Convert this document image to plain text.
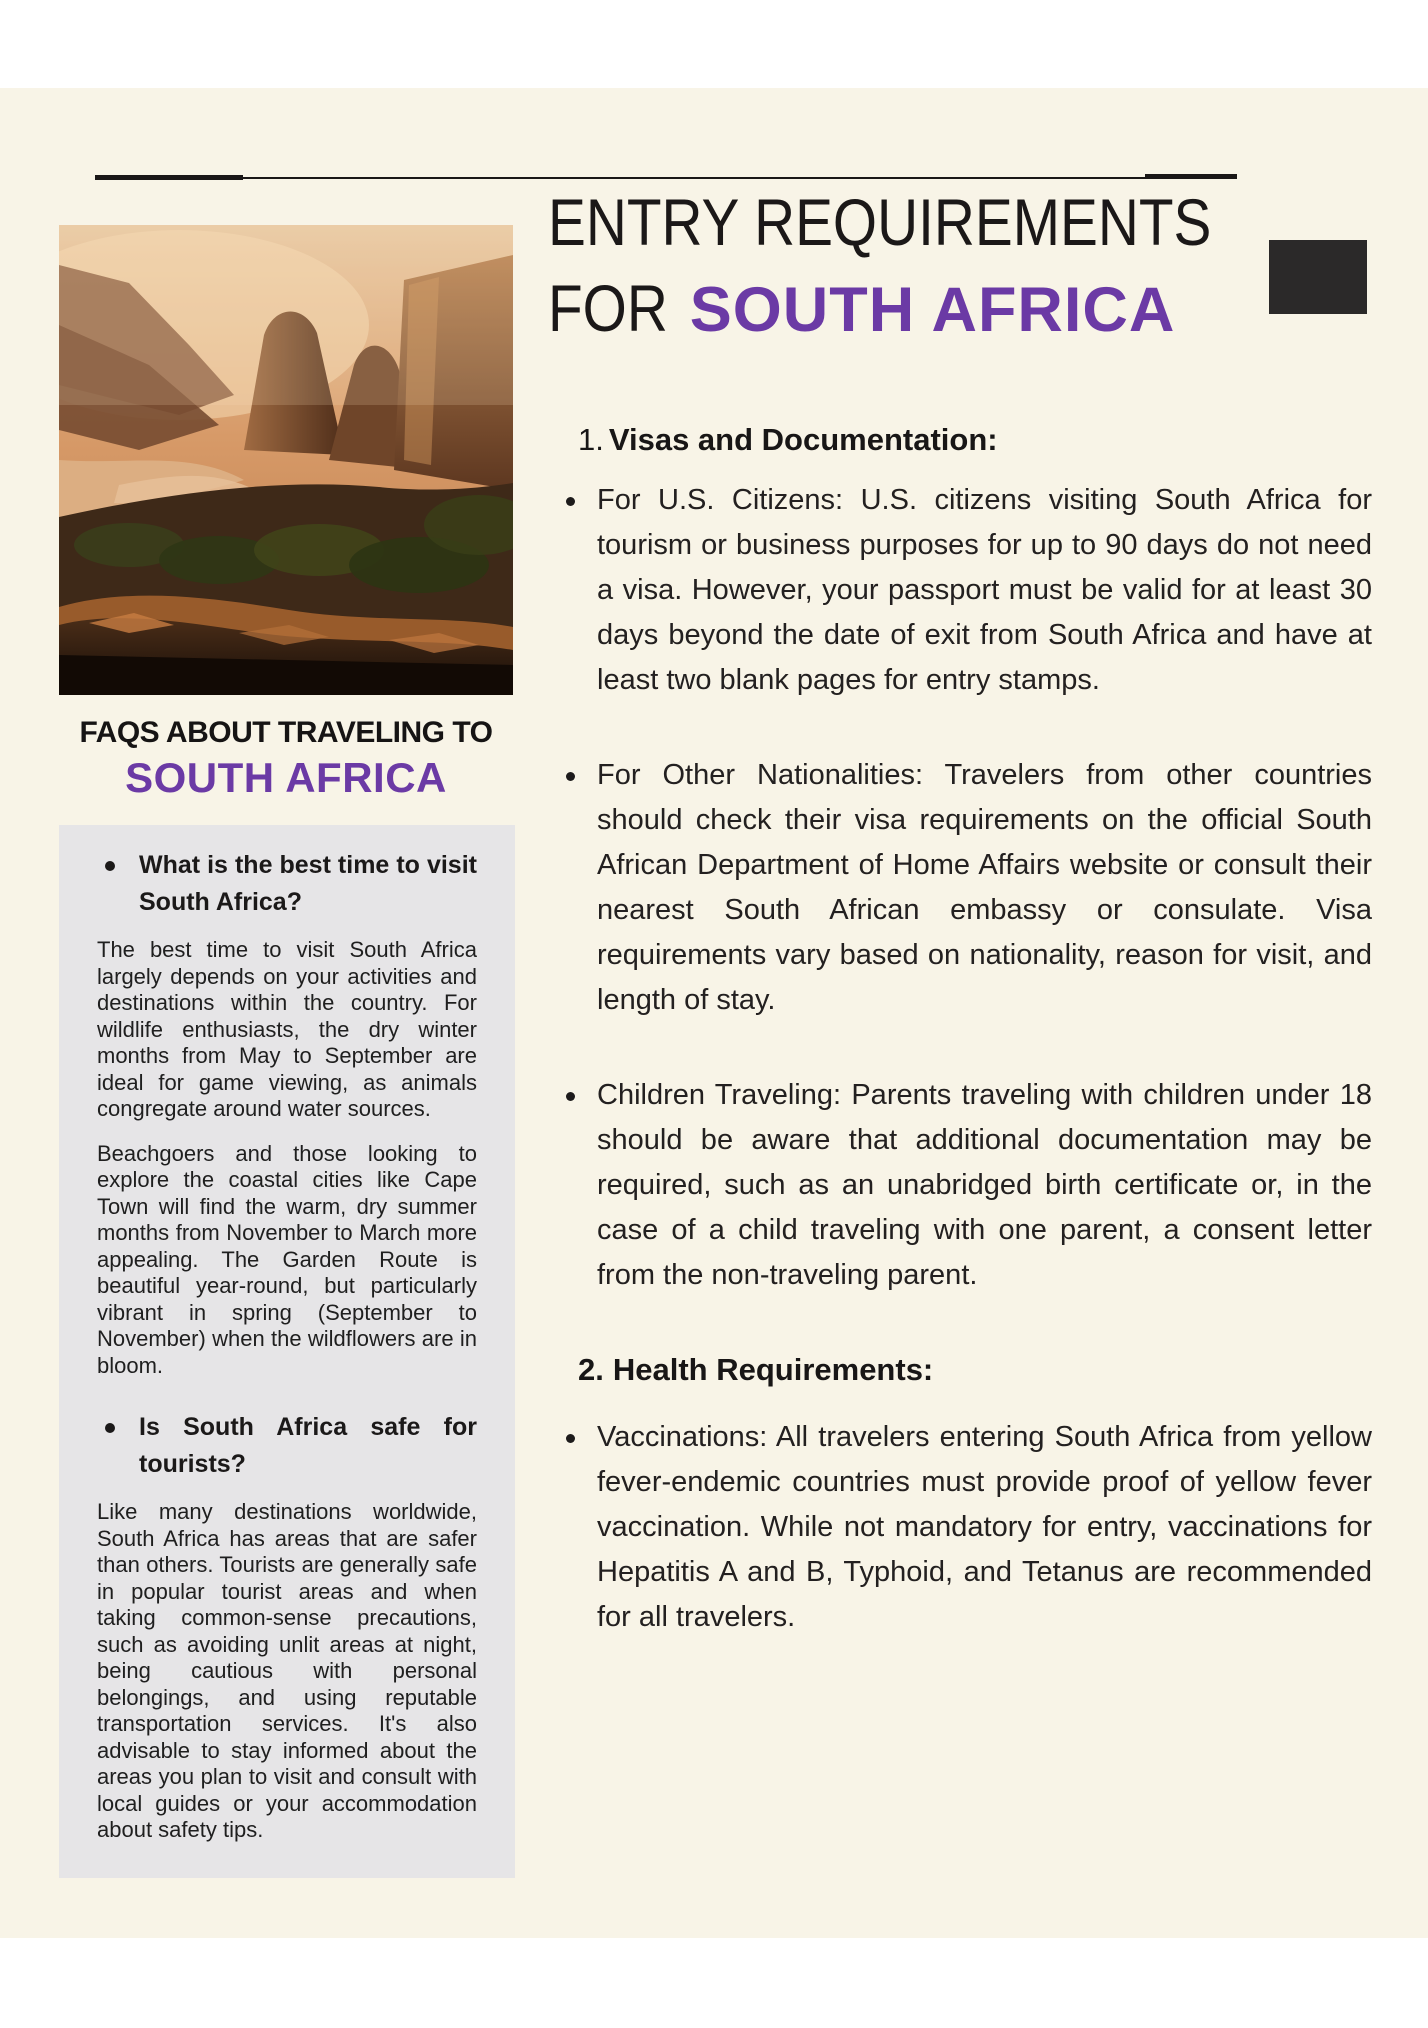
FAQS ABOUT TRAVELING TO
SOUTH AFRICA
What is the best time to visit South Africa?

The best time to visit South Africa largely depends on your activities and destinations within the country. For wildlife enthusiasts, the dry winter months from May to September are ideal for game viewing, as animals congregate around water sources.

Beachgoers and those looking to explore the coastal cities like Cape Town will find the warm, dry summer months from November to March more appealing. The Garden Route is beautiful year-round, but particularly vibrant in spring (September to November) when the wildflowers are in bloom.

Is South Africa safe for tourists?

Like many destinations worldwide, South Africa has areas that are safer than others. Tourists are generally safe in popular tourist areas and when taking common-sense precautions, such as avoiding unlit areas at night, being cautious with personal belongings, and using reputable transportation services. It's also advisable to stay informed about the areas you plan to visit and consult with local guides or your accommodation about safety tips.

ENTRY REQUIREMENTS
FOR SOUTH AFRICA
1. Visas and Documentation:

For U.S. Citizens: U.S. citizens visiting South Africa for tourism or business purposes for up to 90 days do not need a visa. However, your passport must be valid for at least 30 days beyond the date of exit from South Africa and have at least two blank pages for entry stamps.

For Other Nationalities: Travelers from other countries should check their visa requirements on the official South African Department of Home Affairs website or consult their nearest South African embassy or consulate. Visa requirements vary based on nationality, reason for visit, and length of stay.

Children Traveling: Parents traveling with children under 18 should be aware that additional documentation may be required, such as an unabridged birth certificate or, in the case of a child traveling with one parent, a consent letter from the non-traveling parent.

2. Health Requirements:

Vaccinations: All travelers entering South Africa from yellow fever-endemic countries must provide proof of yellow fever vaccination. While not mandatory for entry, vaccinations for Hepatitis A and B, Typhoid, and Tetanus are recommended for all travelers.
